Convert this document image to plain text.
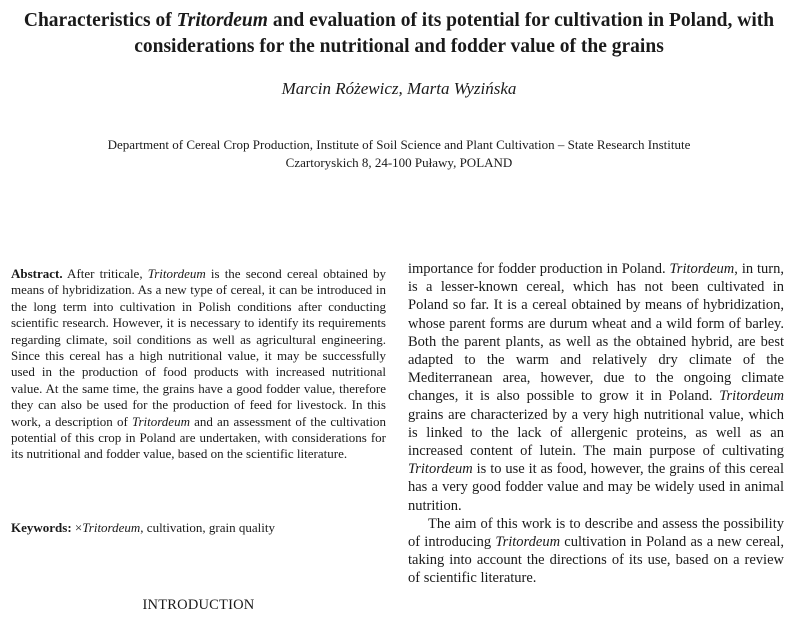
Characteristics of Tritordeum and evaluation of its potential for cultivation in Poland, with considerations for the nutritional and fodder value of the grains

Marcin Różewicz, Marta Wyzińska

Department of Cereal Crop Production, Institute of Soil Science and Plant Cultivation – State Research Institute
Czartoryskich 8, 24-100 Puławy, POLAND

Abstract. After triticale, Tritordeum is the second cereal obtained by means of hybridization. As a new type of cereal, it can be introduced in the long term into cultivation in Polish conditions after conducting scientific research. However, it is necessary to identify its requirements regarding climate, soil conditions as well as agricultural engineering. Since this cereal has a high nutritional value, it may be successfully used in the production of food products with increased nutritional value. At the same time, the grains have a good fodder value, therefore they can also be used for the production of feed for livestock. In this work, a description of Tritordeum and an assessment of the cultivation potential of this crop in Poland are undertaken, with considerations for its nutritional and fodder value, based on the scientific literature.

Keywords: ×Tritordeum, cultivation, grain quality

INTRODUCTION

importance for fodder production in Poland. Tritordeum, in turn, is a lesser-known cereal, which has not been cultivated in Poland so far. It is a cereal obtained by means of hybridization, whose parent forms are durum wheat and a wild form of barley. Both the parent plants, as well as the obtained hybrid, are best adapted to the warm and relatively dry climate of the Mediterranean area, however, due to the ongoing climate changes, it is also possible to grow it in Poland. Tritordeum grains are characterized by a very high nutritional value, which is linked to the lack of allergenic proteins, as well as an increased content of lutein. The main purpose of cultivating Tritordeum is to use it as food, however, the grains of this cereal has a very good fodder value and may be widely used in animal nutrition.

The aim of this work is to describe and assess the possibility of introducing Tritordeum cultivation in Poland as a new cereal, taking into account the directions of its use, based on a review of scientific literature.
